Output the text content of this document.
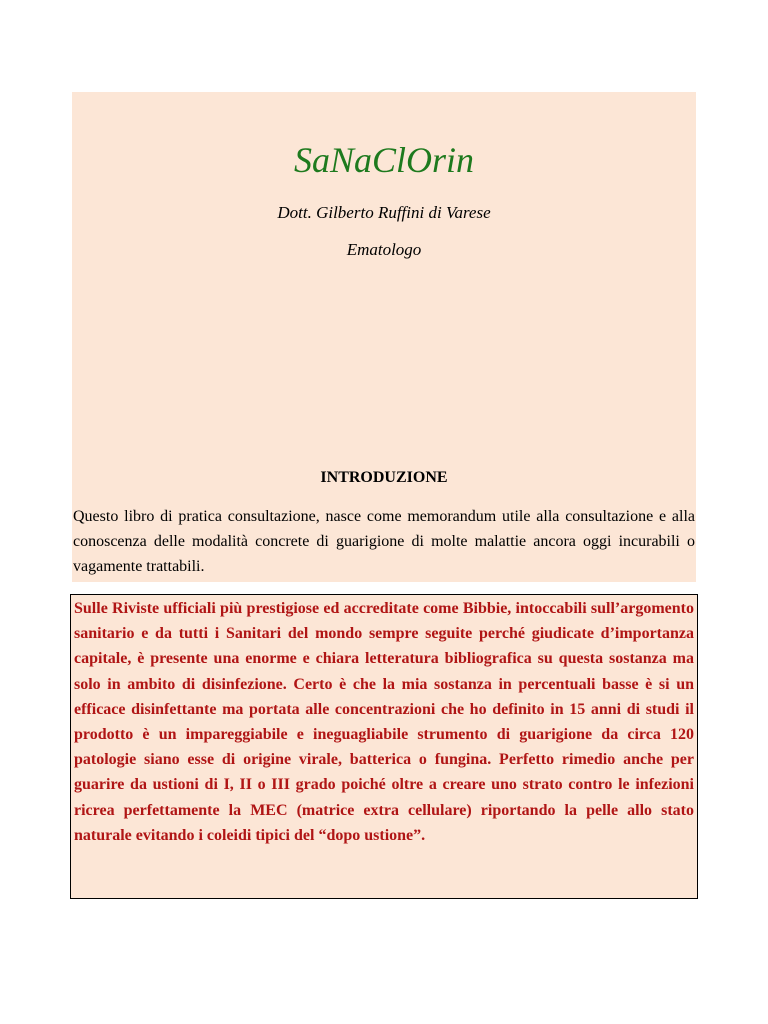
SaNaClOrin
Dott. Gilberto Ruffini di Varese
Ematologo
INTRODUZIONE
Questo libro di pratica consultazione, nasce come memorandum utile alla consultazione e alla conoscenza delle modalità concrete di guarigione di molte malattie ancora oggi incurabili o vagamente trattabili.
Sulle Riviste ufficiali più prestigiose ed accreditate come Bibbie, intoccabili sull’argomento sanitario e da tutti i Sanitari del mondo sempre seguite perché giudicate d’importanza capitale, è presente una enorme e chiara letteratura bibliografica su questa sostanza ma solo in ambito di disinfezione. Certo è che la mia sostanza in percentuali basse è si un efficace disinfettante ma portata alle concentrazioni che ho definito in 15 anni di studi il prodotto è un impareggiabile e ineguagliabile strumento di guarigione da circa 120 patologie siano esse di origine virale, batterica o fungina. Perfetto rimedio anche per guarire da ustioni di I, II o III grado poiché oltre a creare uno strato contro le infezioni ricrea perfettamente la MEC (matrice extra cellulare) riportando la pelle allo stato naturale evitando i coleidi tipici del “dopo ustione”.
